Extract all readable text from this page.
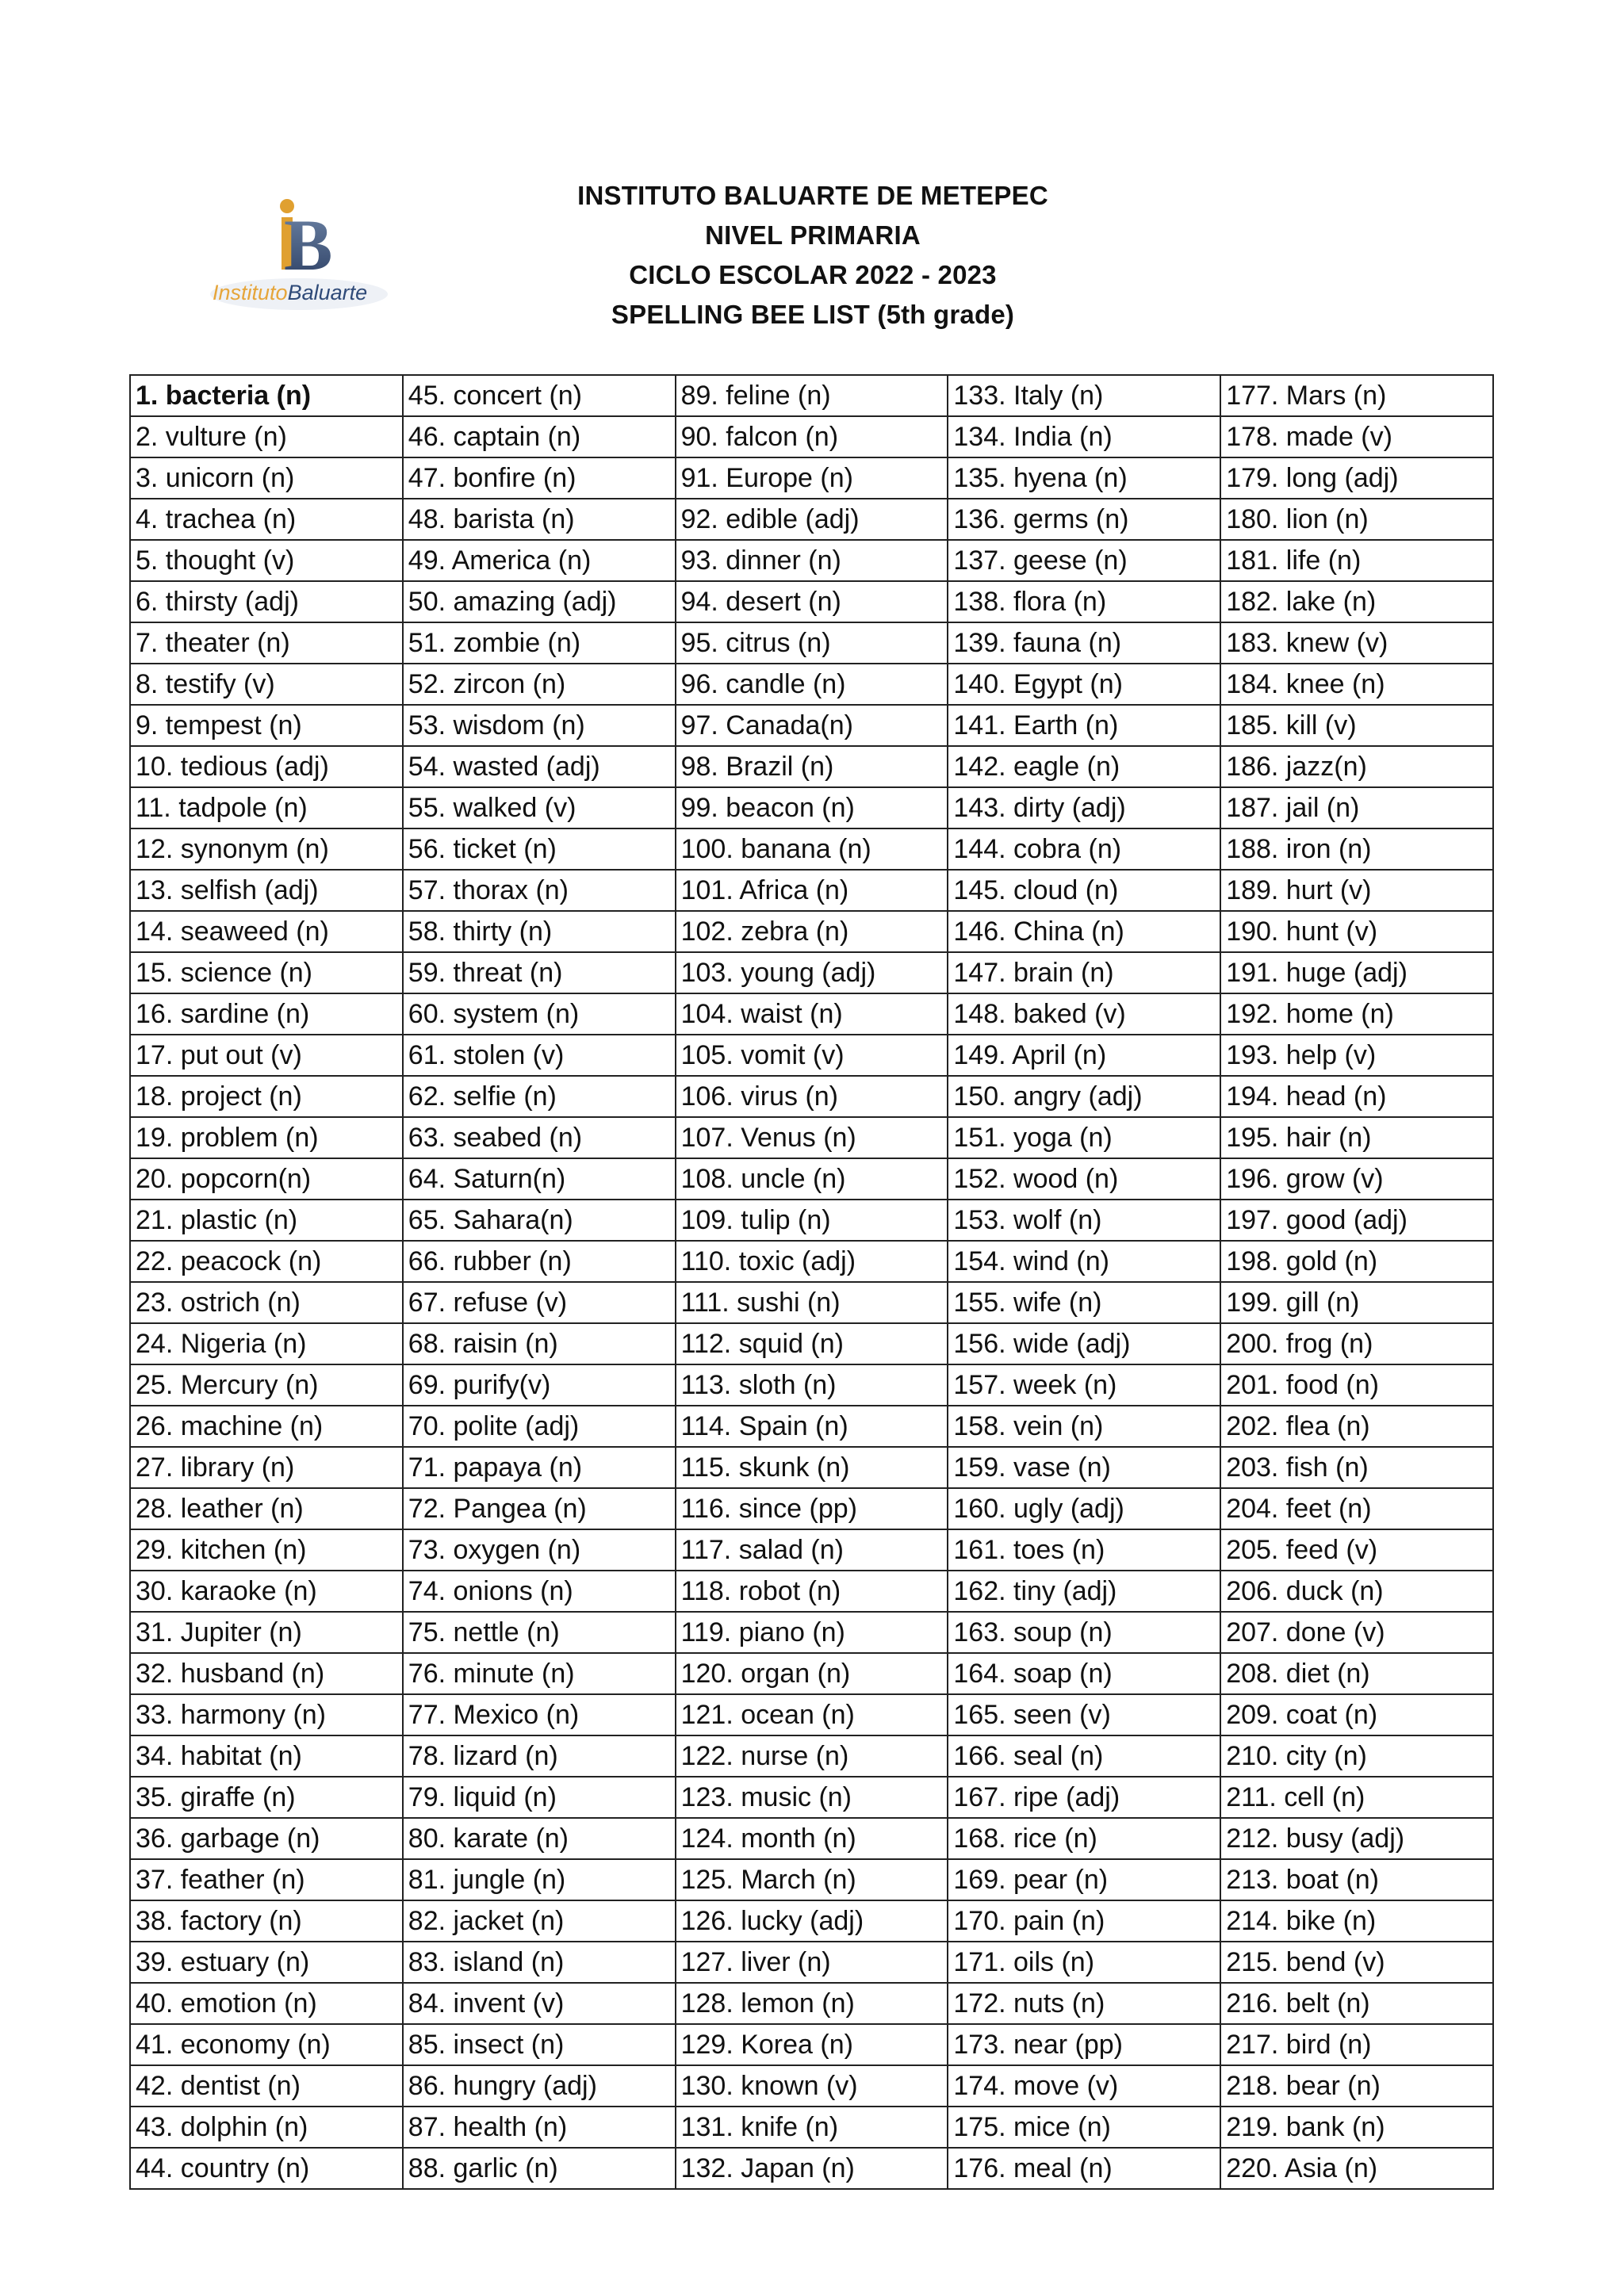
B
InstitutoBaluarte
INSTITUTO BALUARTE DE METEPEC
NIVEL PRIMARIA
CICLO ESCOLAR 2022 - 2023
SPELLING BEE LIST (5th grade)
1. bacteria (n)	45. concert (n)	89. feline (n)	133. Italy (n)	177. Mars (n)
2. vulture (n)	46. captain (n)	90. falcon (n)	134. India (n)	178. made (v)
3. unicorn (n)	47. bonfire (n)	91. Europe (n)	135. hyena (n)	179. long (adj)
4. trachea (n)	48. barista (n)	92. edible (adj)	136. germs (n)	180. lion (n)
5. thought (v)	49. America (n)	93. dinner (n)	137. geese (n)	181. life (n)
6. thirsty (adj)	50. amazing (adj)	94. desert (n)	138. flora (n)	182. lake (n)
7. theater (n)	51. zombie (n)	95. citrus (n)	139. fauna (n)	183. knew (v)
8. testify (v)	52. zircon (n)	96. candle (n)	140. Egypt (n)	184. knee (n)
9. tempest (n)	53. wisdom (n)	97. Canada(n)	141. Earth (n)	185. kill (v)
10. tedious (adj)	54. wasted (adj)	98. Brazil (n)	142. eagle (n)	186. jazz(n)
11. tadpole (n)	55. walked (v)	99. beacon (n)	143. dirty (adj)	187. jail (n)
12. synonym (n)	56. ticket (n)	100. banana (n)	144. cobra (n)	188. iron (n)
13. selfish (adj)	57. thorax (n)	101. Africa (n)	145. cloud (n)	189. hurt (v)
14. seaweed (n)	58. thirty (n)	102. zebra (n)	146. China (n)	190. hunt (v)
15. science (n)	59. threat (n)	103. young (adj)	147. brain (n)	191. huge (adj)
16. sardine (n)	60. system (n)	104. waist (n)	148. baked (v)	192. home (n)
17. put out (v)	61. stolen (v)	105. vomit (v)	149. April (n)	193. help (v)
18. project (n)	62. selfie (n)	106. virus (n)	150. angry (adj)	194. head (n)
19. problem (n)	63. seabed (n)	107. Venus (n)	151. yoga (n)	195. hair (n)
20. popcorn(n)	64. Saturn(n)	108. uncle (n)	152. wood (n)	196. grow (v)
21. plastic (n)	65. Sahara(n)	109. tulip (n)	153. wolf (n)	197. good (adj)
22. peacock (n)	66. rubber (n)	110. toxic (adj)	154. wind (n)	198. gold (n)
23. ostrich (n)	67. refuse (v)	111. sushi (n)	155. wife (n)	199. gill (n)
24. Nigeria (n)	68. raisin (n)	112. squid (n)	156. wide (adj)	200. frog (n)
25. Mercury (n)	69. purify(v)	113. sloth (n)	157. week (n)	201. food (n)
26. machine (n)	70. polite (adj)	114. Spain (n)	158. vein (n)	202. flea (n)
27. library (n)	71. papaya (n)	115. skunk (n)	159. vase (n)	203. fish (n)
28. leather (n)	72. Pangea (n)	116. since (pp)	160. ugly (adj)	204. feet (n)
29. kitchen (n)	73. oxygen (n)	117. salad (n)	161. toes (n)	205. feed (v)
30. karaoke (n)	74. onions (n)	118. robot (n)	162. tiny (adj)	206. duck (n)
31. Jupiter (n)	75. nettle (n)	119. piano (n)	163. soup (n)	207. done (v)
32. husband (n)	76. minute (n)	120. organ (n)	164. soap (n)	208. diet (n)
33. harmony (n)	77. Mexico (n)	121. ocean (n)	165. seen (v)	209. coat (n)
34. habitat (n)	78. lizard (n)	122. nurse (n)	166. seal (n)	210. city (n)
35. giraffe (n)	79. liquid (n)	123. music (n)	167. ripe (adj)	211. cell (n)
36. garbage (n)	80. karate (n)	124. month (n)	168. rice (n)	212. busy (adj)
37. feather (n)	81. jungle (n)	125. March (n)	169. pear (n)	213. boat (n)
38. factory (n)	82. jacket (n)	126. lucky (adj)	170. pain (n)	214. bike (n)
39. estuary (n)	83. island (n)	127. liver (n)	171. oils (n)	215. bend (v)
40. emotion (n)	84. invent (v)	128. lemon (n)	172. nuts (n)	216. belt (n)
41. economy (n)	85. insect (n)	129. Korea (n)	173. near (pp)	217. bird (n)
42. dentist (n)	86. hungry (adj)	130. known (v)	174. move (v)	218. bear (n)
43. dolphin (n)	87. health (n)	131. knife (n)	175. mice (n)	219. bank (n)
44. country (n)	88. garlic (n)	132. Japan (n)	176. meal (n)	220. Asia (n)
